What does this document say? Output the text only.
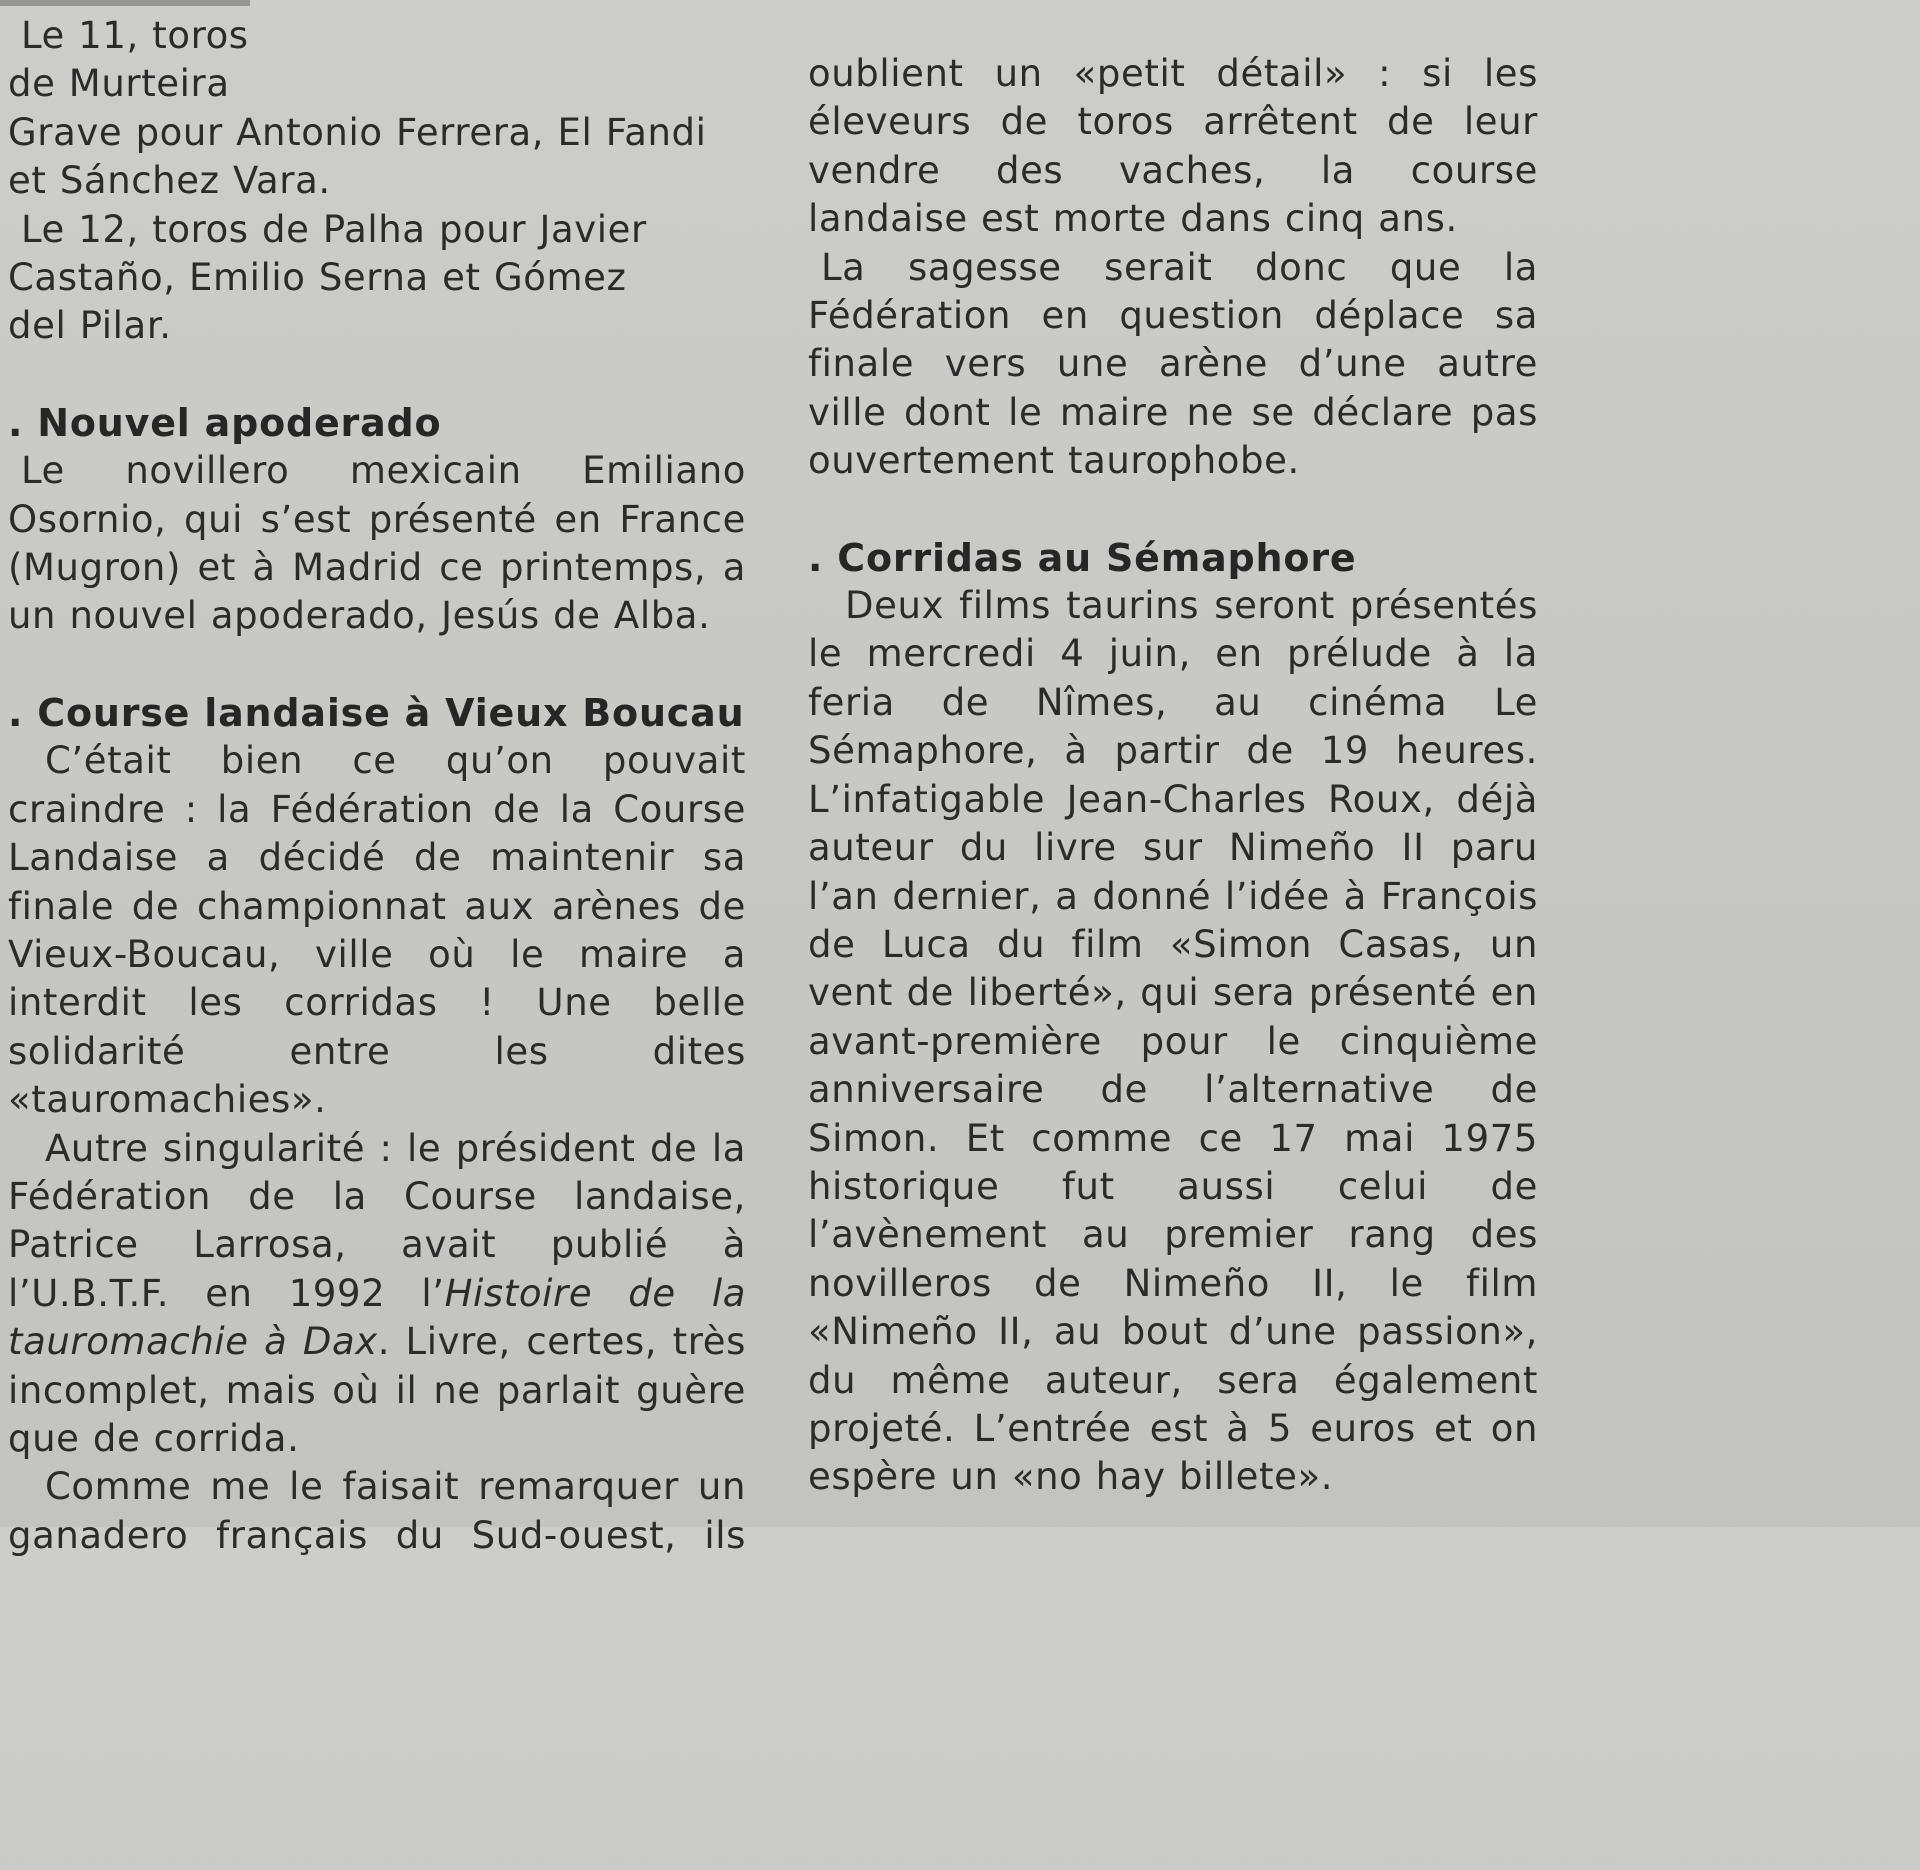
Le 11, toros

de Murteira

Grave pour Antonio Ferrera, El Fandi et Sánchez Vara.

Le 12, toros de Palha pour Javier Castaño, Emilio Serna et Gómez del Pilar.

. Nouvel apoderado

Le novillero mexicain Emiliano Osornio, qui s’est présenté en France (Mugron) et à Madrid ce printemps, a un nouvel apoderado, Jesús de Alba.

. Course landaise à Vieux Boucau

C’était bien ce qu’on pouvait craindre : la Fédération de la Course Landaise a décidé de maintenir sa finale de championnat aux arènes de Vieux-Boucau, ville où le maire a interdit les corridas ! Une belle solidarité entre les dites «tauromachies».

Autre singularité : le président de la Fédération de la Course landaise, Patrice Larrosa, avait publié à l’U.B.T.F. en 1992 l’Histoire de la tauromachie à Dax. Livre, certes, très incomplet, mais où il ne parlait guère que de corrida.

Comme me le faisait remarquer un ganadero français du Sud-ouest, ils

oublient un «petit détail» : si les éleveurs de toros arrêtent de leur vendre des vaches, la course landaise est morte dans cinq ans.

La sagesse serait donc que la Fédération en question déplace sa finale vers une arène d’une autre ville dont le maire ne se déclare pas ouvertement taurophobe.

. Corridas au Sémaphore

Deux films taurins seront présentés le mercredi 4 juin, en prélude à la feria de Nîmes, au cinéma Le Sémaphore, à partir de 19 heures. L’infatigable Jean-Charles Roux, déjà auteur du livre sur Nimeño II paru l’an dernier, a donné l’idée à François de Luca du film «Simon Casas, un vent de liberté», qui sera présenté en avant-première pour le cinquième anniversaire de l’alternative de Simon. Et comme ce 17 mai 1975 historique fut aussi celui de l’avènement au premier rang des novilleros de Nimeño II, le film «Nimeño II, au bout d’une passion», du même auteur, sera également projeté. L’entrée est à 5 euros et on espère un «no hay billete».
